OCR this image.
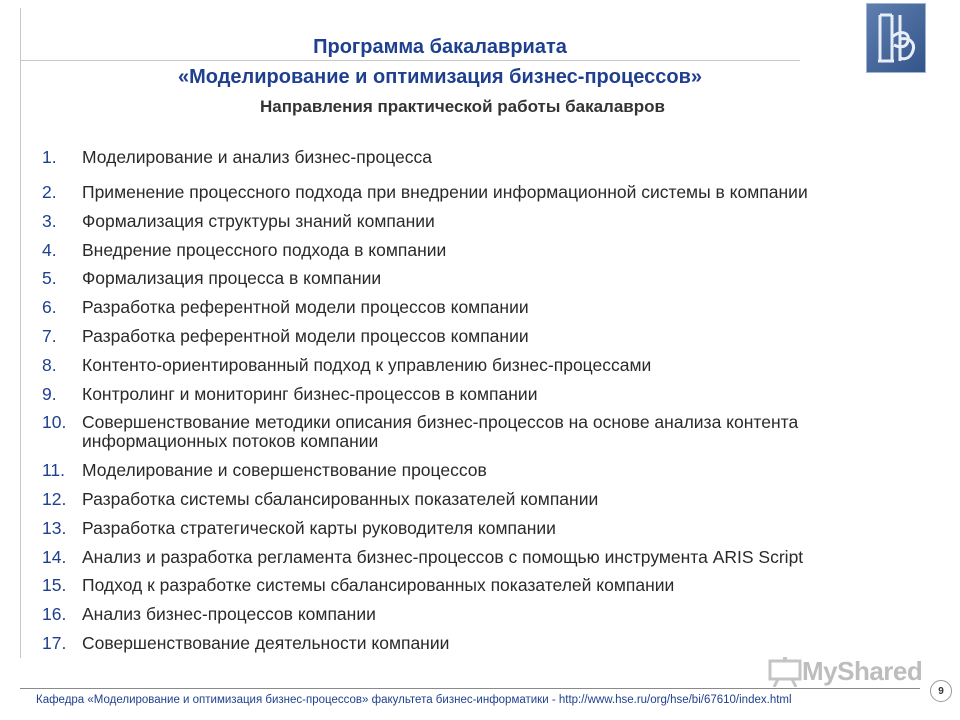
Программа бакалавриата
«Моделирование и оптимизация бизнес-процессов»
Направления практической работы бакалавров
1.	Моделирование и анализ бизнес-процесса
2.	Применение процессного подхода при внедрении информационной системы в компании
3.	Формализация структуры знаний компании
4.	Внедрение процессного подхода в компании
5.	Формализация процесса в компании
6.	Разработка референтной модели процессов компании
7.	Разработка референтной модели процессов компании
8.	Контенто-ориентированный подход к управлению бизнес-процессами
9.	Контролинг и мониторинг бизнес-процессов в компании
10. Совершенствование методики описания бизнес-процессов на основе анализа контента информационных потоков компании
11. Моделирование и совершенствование процессов
12. Разработка системы сбалансированных показателей компании
13. Разработка стратегической карты руководителя компании
14. Анализ и разработка регламента бизнес-процессов с помощью инструмента ARIS Script
15. Подход к разработке системы сбалансированных показателей компании
16. Анализ бизнес-процессов компании
17. Совершенствование деятельности компании
MyShared
Кафедра «Моделирование и оптимизация бизнес-процессов» факультета бизнес-информатики - http://www.hse.ru/org/hse/bi/67610/index.html
9
